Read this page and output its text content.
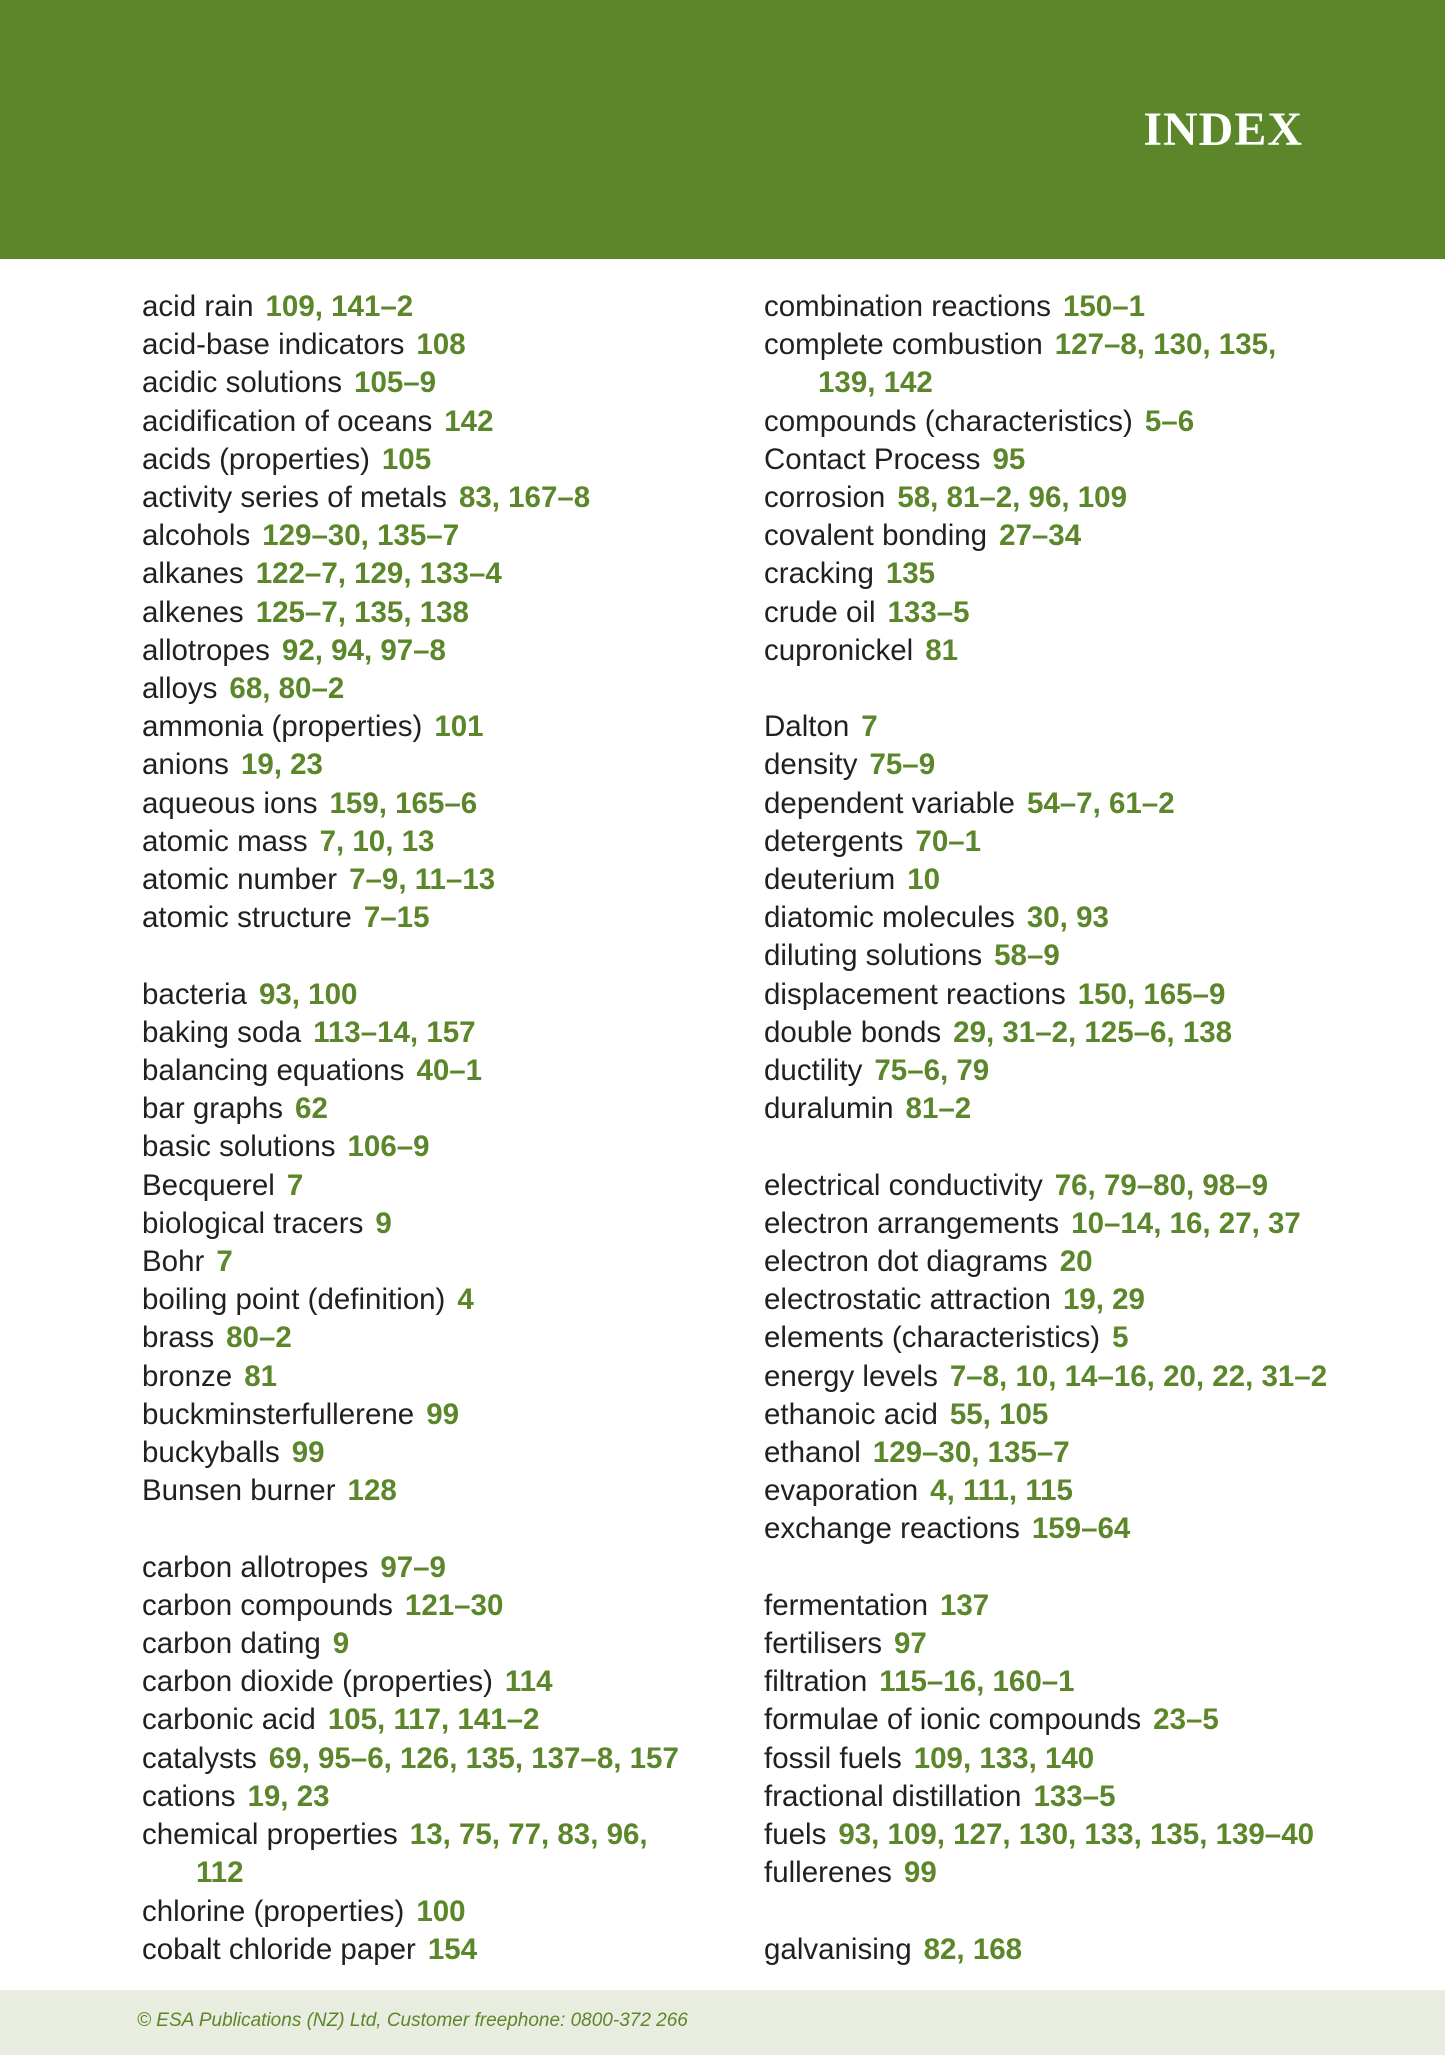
INDEX
acid rain 109, 141–2
acid-base indicators 108
acidic solutions 105–9
acidification of oceans 142
acids (properties) 105
activity series of metals 83, 167–8
alcohols 129–30, 135–7
alkanes 122–7, 129, 133–4
alkenes 125–7, 135, 138
allotropes 92, 94, 97–8
alloys 68, 80–2
ammonia (properties) 101
anions 19, 23
aqueous ions 159, 165–6
atomic mass 7, 10, 13
atomic number 7–9, 11–13
atomic structure 7–15
bacteria 93, 100
baking soda 113–14, 157
balancing equations 40–1
bar graphs 62
basic solutions 106–9
Becquerel 7
biological tracers 9
Bohr 7
boiling point (definition) 4
brass 80–2
bronze 81
buckminsterfullerene 99
buckyballs 99
Bunsen burner 128
carbon allotropes 97–9
carbon compounds 121–30
carbon dating 9
carbon dioxide (properties) 114
carbonic acid 105, 117, 141–2
catalysts 69, 95–6, 126, 135, 137–8, 157
cations 19, 23
chemical properties 13, 75, 77, 83, 96,
112
chlorine (properties) 100
cobalt chloride paper 154
combination reactions 150–1
complete combustion 127–8, 130, 135,
139, 142
compounds (characteristics) 5–6
Contact Process 95
corrosion 58, 81–2, 96, 109
covalent bonding 27–34
cracking 135
crude oil 133–5
cupronickel 81
Dalton 7
density 75–9
dependent variable 54–7, 61–2
detergents 70–1
deuterium 10
diatomic molecules 30, 93
diluting solutions 58–9
displacement reactions 150, 165–9
double bonds 29, 31–2, 125–6, 138
ductility 75–6, 79
duralumin 81–2
electrical conductivity 76, 79–80, 98–9
electron arrangements 10–14, 16, 27, 37
electron dot diagrams 20
electrostatic attraction 19, 29
elements (characteristics) 5
energy levels 7–8, 10, 14–16, 20, 22, 31–2
ethanoic acid 55, 105
ethanol 129–30, 135–7
evaporation 4, 111, 115
exchange reactions 159–64
fermentation 137
fertilisers 97
filtration 115–16, 160–1
formulae of ionic compounds 23–5
fossil fuels 109, 133, 140
fractional distillation 133–5
fuels 93, 109, 127, 130, 133, 135, 139–40
fullerenes 99
galvanising 82, 168
© ESA Publications (NZ) Ltd, Customer freephone: 0800-372 266
